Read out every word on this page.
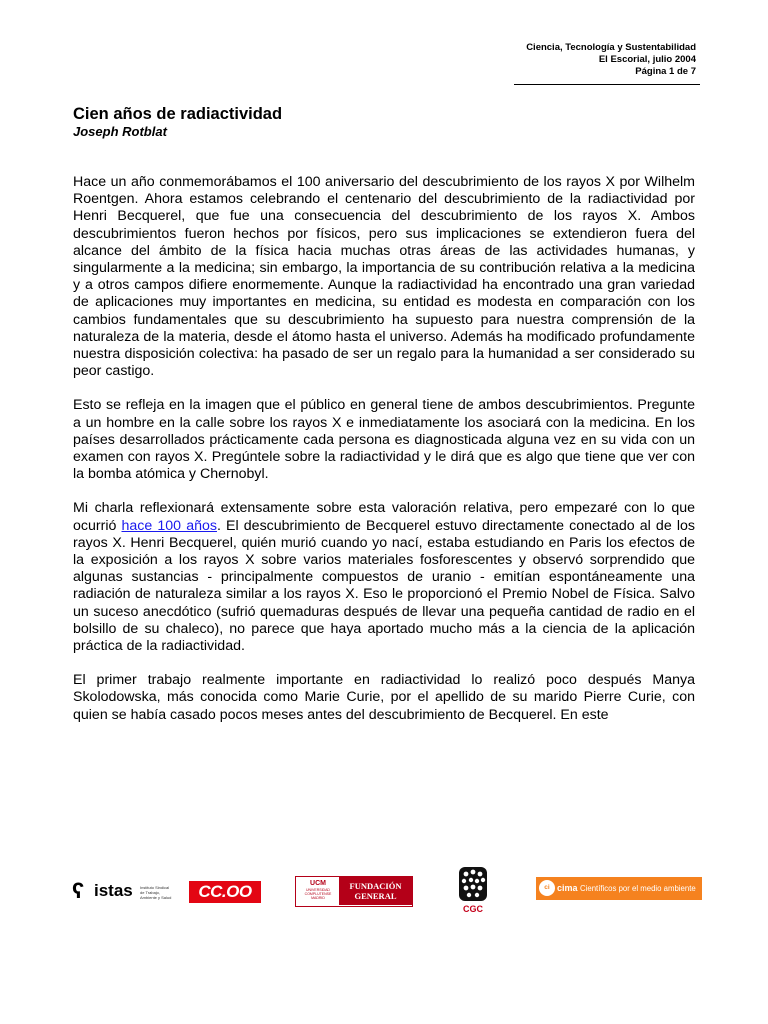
Ciencia, Tecnología y Sustentabilidad
El Escorial, julio 2004
Página 1 de 7
Cien años de radiactividad
Joseph Rotblat

Hace un año conmemorábamos el 100 aniversario del descubrimiento de los rayos X por Wilhelm Roentgen. Ahora estamos celebrando el centenario del descubrimiento de la radiactividad por Henri Becquerel, que fue una consecuencia del descubrimiento de los rayos X. Ambos descubrimientos fueron hechos por físicos, pero sus implicaciones se extendieron fuera del alcance del ámbito de la física hacia muchas otras áreas de las actividades humanas, y singularmente a la medicina; sin embargo, la importancia de su contribución relativa a la medicina y a otros campos difiere enormemente. Aunque la radiactividad ha encontrado una gran variedad de aplicaciones muy importantes en medicina, su entidad es modesta en comparación con los cambios fundamentales que su descubrimiento ha supuesto para nuestra comprensión de la naturaleza de la materia, desde el átomo hasta el universo. Además ha modificado profundamente nuestra disposición colectiva: ha pasado de ser un regalo para la humanidad a ser considerado su peor castigo.

Esto se refleja en la imagen que el público en general tiene de ambos descubrimientos. Pregunte a un hombre en la calle sobre los rayos X e inmediatamente los asociará con la medicina. En los países desarrollados prácticamente cada persona es diagnosticada alguna vez en su vida con un examen con rayos X. Pregúntele sobre la radiactividad y le dirá que es algo que tiene que ver con la bomba atómica y Chernobyl.

Mi charla reflexionará extensamente sobre esta valoración relativa, pero empezaré con lo que ocurrió hace 100 años. El descubrimiento de Becquerel estuvo directamente conectado al de los rayos X. Henri Becquerel, quién murió cuando yo nací, estaba estudiando en Paris los efectos de la exposición a los rayos X sobre varios materiales fosforescentes y observó sorprendido que algunas sustancias - principalmente compuestos de uranio - emitían espontáneamente una radiación de naturaleza similar a los rayos X. Eso le proporcionó el Premio Nobel de Física. Salvo un suceso anecdótico (sufrió quemaduras después de llevar una pequeña cantidad de radio en el bolsillo de su chaleco), no parece que haya aportado mucho más a la ciencia de la aplicación práctica de la radiactividad.

El primer trabajo realmente importante en radiactividad lo realizó poco después Manya Skolodowska, más conocida como Marie Curie, por el apellido de su marido Pierre Curie, con quien se había casado pocos meses antes del descubrimiento de Becquerel. En este

ʕ istas Instituto Sindical de Trabajo, Ambiente y Salud	CC.OO	UCM
UNIVERSIDAD COMPLUTENSE MADRID
FUNDACIÓN
GENERAL
CGC
ci cima Científicos por el medio ambiente
